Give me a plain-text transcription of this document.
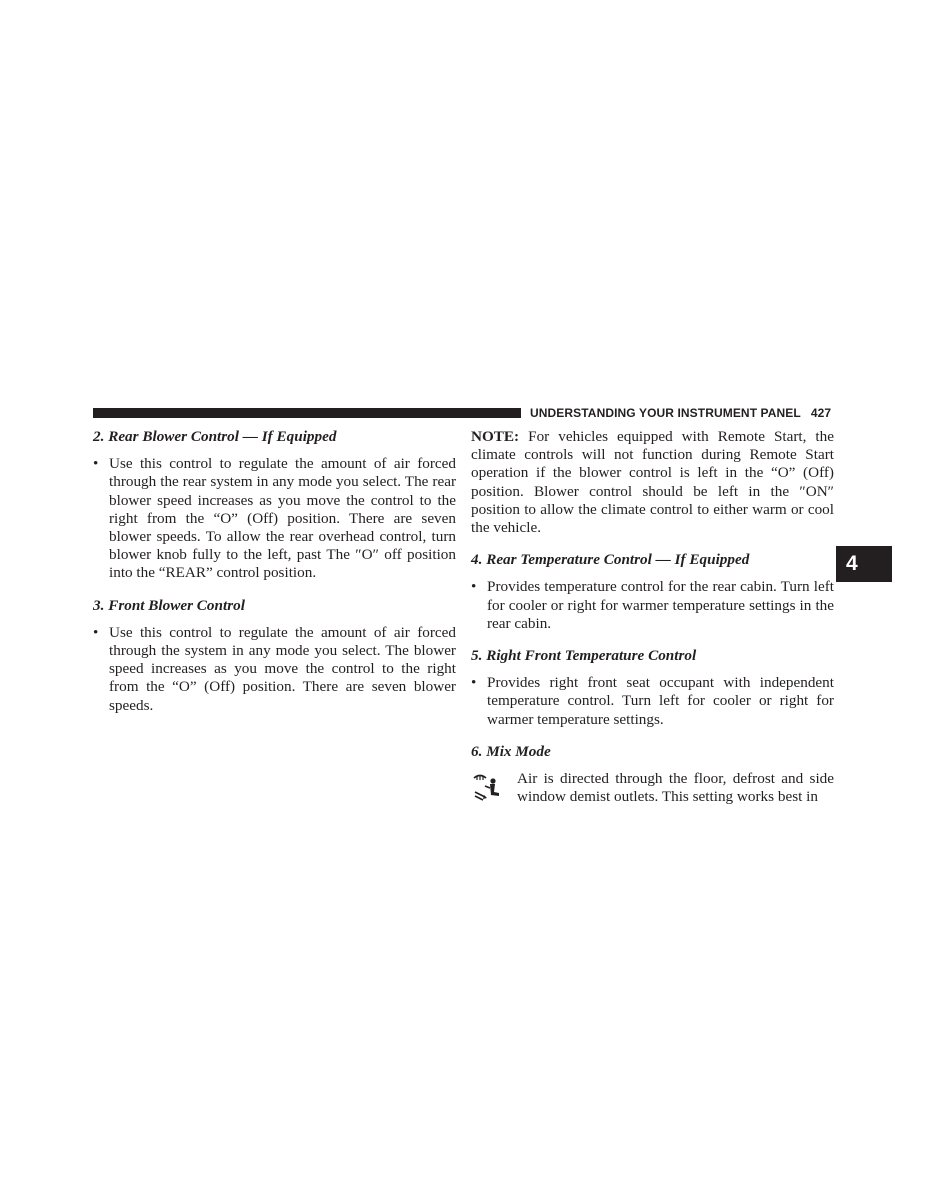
UNDERSTANDING YOUR INSTRUMENT PANEL 427

2. Rear Blower Control — If Equipped

• Use this control to regulate the amount of air forced through the rear system in any mode you select. The rear blower speed increases as you move the control to the right from the “O” (Off) position. There are seven blower speeds. To allow the rear overhead control, turn blower knob fully to the left, past The ″O″ off position into the “REAR” control position.

3. Front Blower Control

• Use this control to regulate the amount of air forced through the system in any mode you select. The blower speed increases as you move the control to the right from the “O” (Off) position. There are seven blower speeds.

NOTE: For vehicles equipped with Remote Start, the climate controls will not function during Remote Start operation if the blower control is left in the “O” (Off) position. Blower control should be left in the ″ON″ position to allow the climate control to either warm or cool the vehicle.

4. Rear Temperature Control — If Equipped

• Provides temperature control for the rear cabin. Turn left for cooler or right for warmer temperature settings in the rear cabin.

5. Right Front Temperature Control

• Provides right front seat occupant with independent temperature control. Turn left for cooler or right for warmer temperature settings.

6. Mix Mode

Air is directed through the floor, defrost and side window demist outlets. This setting works best in
4
